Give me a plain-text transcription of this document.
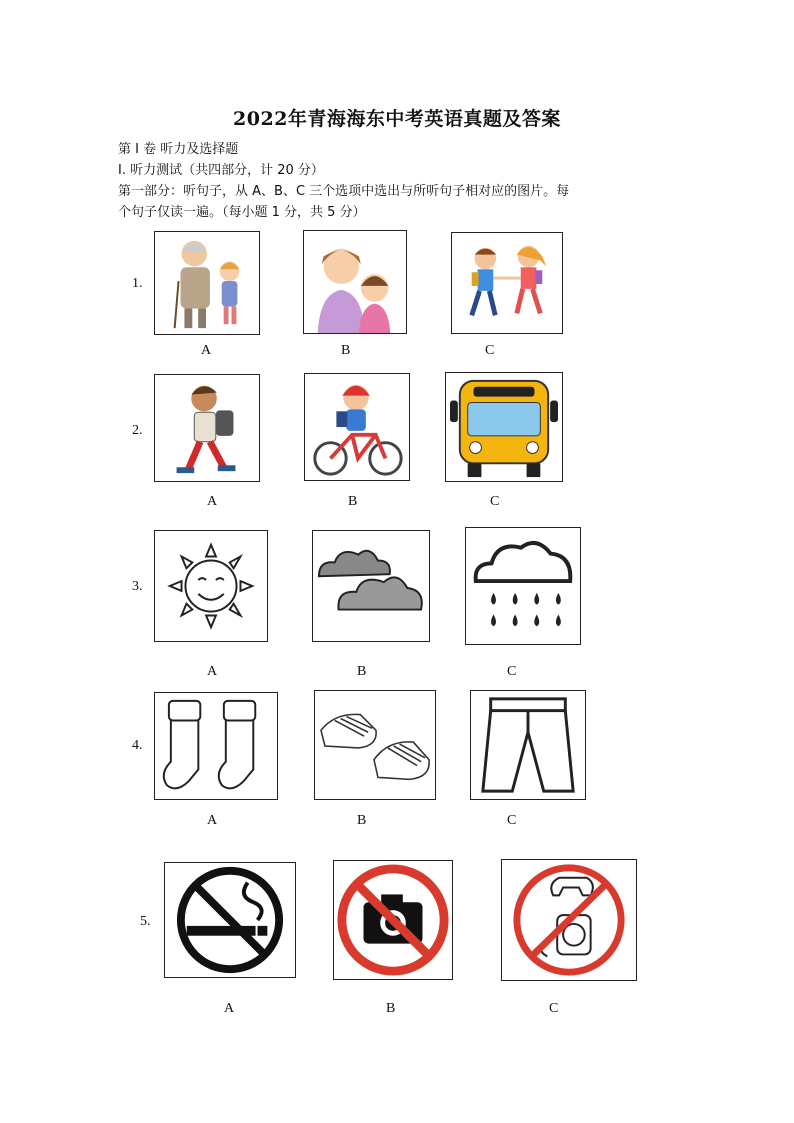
2022年青海海东中考英语真题及答案
第 I 卷 听力及选择题
I. 听力测试（共四部分，计 20 分）
第一部分：听句子，从 A、B、C 三个选项中选出与所听句子相对应的图片。每
个句子仅读一遍。（每小题 1 分，共 5 分）
1.
A	B	C
2.
A	B	C
3.
A	B	C
4.
A	B	C
5.
A	B	C
